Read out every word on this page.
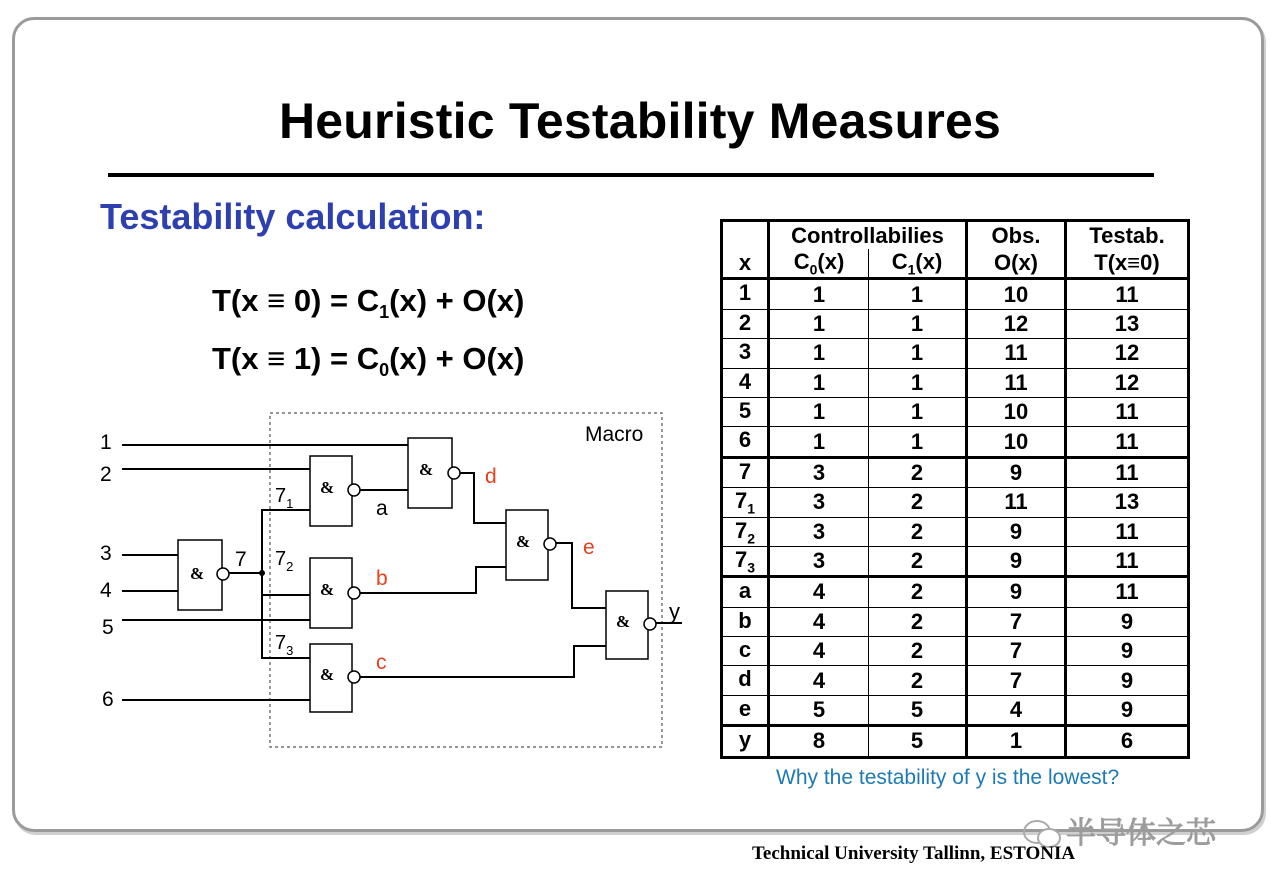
Heuristic Testability Measures
Testability calculation:
$T(x \equiv 0) = C_1(x) + O(x)$
$T(x \equiv 1) = C_0(x) + O(x)$
Macro
&
&
&
&
&
&
&
1
2
3
4
5
6
7
$7_1$
$7_2$
$7_3$
a
b
c
d
e
y
	Controllabilies		Obs.	Testab.
x	$C_0(x)$	$C_1(x)$	O(x)	T(x≡0)
1	1	1	10	11
2	1	1	12	13
3	1	1	11	12
4	1	1	11	12
5	1	1	10	11
6	1	1	10	11
7	3	2	9	11
$7_1$	3	2	11	13
$7_2$	3	2	9	11
$7_3$	3	2	9	11
a	4	2	9	11
b	4	2	7	9
c	4	2	7	9
d	4	2	7	9
e	5	5	4	9
y	8	5	1	6
Why the testability of y is the lowest?
半导体之芯
Technical University Tallinn, ESTONIA
